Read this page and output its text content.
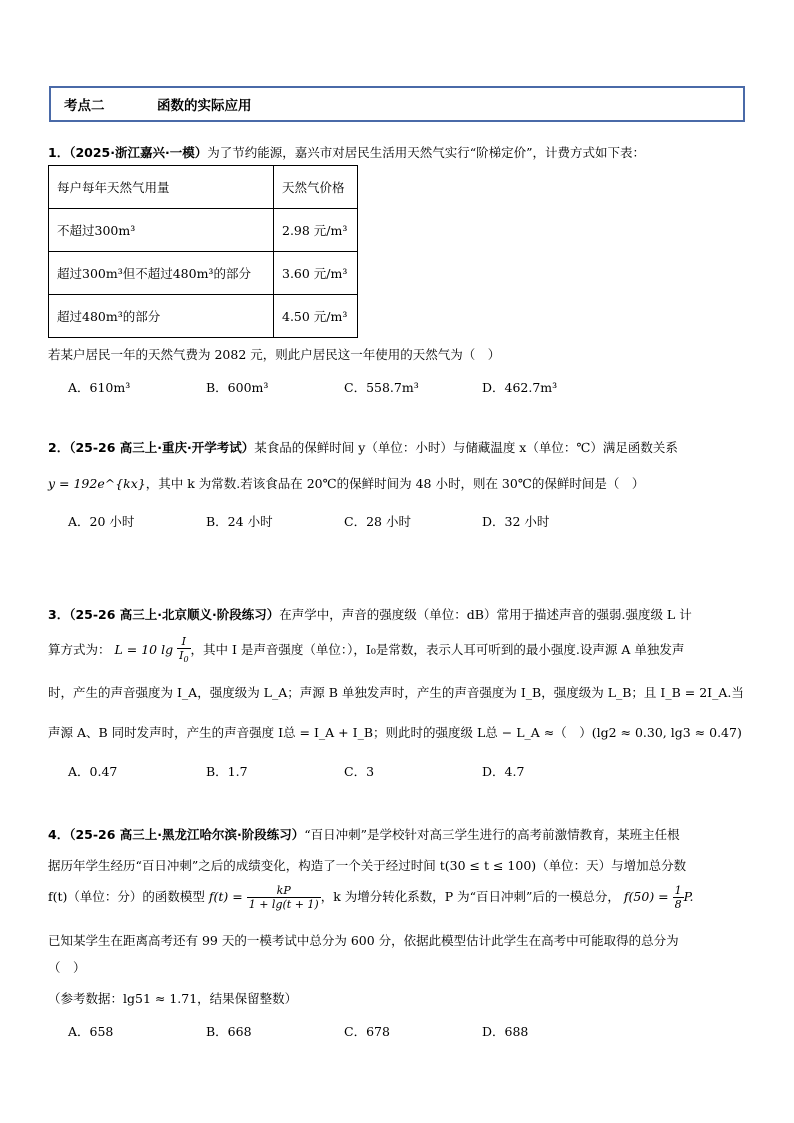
考点二	函数的实际应用
1．（2025·浙江嘉兴·一模）为了节约能源，嘉兴市对居民生活用天然气实行“阶梯定价”，计费方式如下表：
每户每年天然气用量	天然气价格
不超过300m³	2.98 元/m³
超过300m³但不超过480m³的部分	3.60 元/m³
超过480m³的部分	4.50 元/m³
若某户居民一年的天然气费为 2082 元，则此户居民这一年使用的天然气为（　）
A．610m³	B．600m³	C．558.7m³	D．462.7m³
2．（25-26 高三上·重庆·开学考试）某食品的保鲜时间 y（单位：小时）与储藏温度 x（单位：℃）满足函数关系
y = 192e^{kx}，其中 k 为常数.若该食品在 20℃的保鲜时间为 48 小时，则在 30℃的保鲜时间是（　）
A．20 小时	B．24 小时	C．28 小时	D．32 小时
3．（25-26 高三上·北京顺义·阶段练习）在声学中，声音的强度级（单位：dB）常用于描述声音的强弱.强度级 L 计
算方式为： L = 10 $\lg \frac{I}{I_0}$ ，其中 I 是声音强度（单位：），I₀是常数，表示人耳可听到的最小强度.设声源 A 单独发声
时，产生的声音强度为 I_A，强度级为 L_A；声源 B 单独发声时，产生的声音强度为 I_B，强度级为 L_B；且 I_B = 2I_A.当
声源 A、B 同时发声时，产生的声音强度 I总 = I_A + I_B；则此时的强度级 L总 − L_A ≈（　）(lg2 ≈ 0.30, lg3 ≈ 0.47)
A．0.47	B．1.7	C．3	D．4.7
4．（25-26 高三上·黑龙江哈尔滨·阶段练习）“百日冲刺”是学校针对高三学生进行的高考前激情教育，某班主任根
据历年学生经历“百日冲刺”之后的成绩变化，构造了一个关于经过时间 t(30 ≤ t ≤ 100)（单位：天）与增加总分数
f(t)（单位：分）的函数模型 $f(t) = \frac{kP}{1 + \lg(t + 1)}$ ，k 为增分转化系数，P 为“百日冲刺”后的一模总分， $f(50) = \frac{1}{8} P$.
已知某学生在距离高考还有 99 天的一模考试中总分为 600 分，依据此模型估计此学生在高考中可能取得的总分为
（　）
（参考数据：lg51 ≈ 1.71，结果保留整数）
A．658	B．668	C．678	D．688
